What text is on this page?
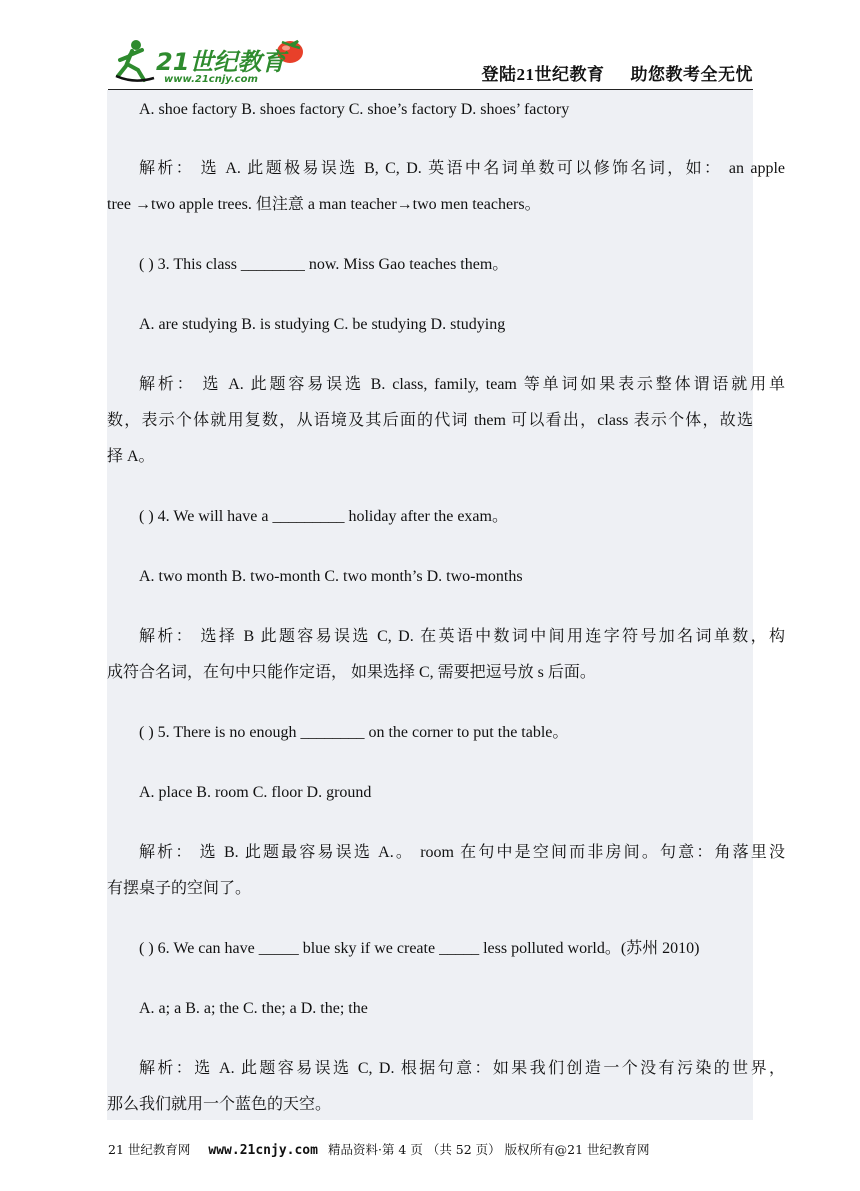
21世纪教育
www.21cnjy.com	登陆21世纪教育 助您教考全无忧
A. shoe factory B. shoes factory C. shoe’s factory D. shoes’ factory
解析： 选 A. 此题极易误选 B, C, D. 英语中名词单数可以修饰名词，如： an apple
tree →two apple trees. 但注意 a man teacher→two men teachers。
( ) 3. This class ________ now. Miss Gao teaches them。
A. are studying B. is studying C. be studying D. studying
解析： 选 A. 此题容易误选 B. class, family, team 等单词如果表示整体谓语就用单
数，表示个体就用复数，从语境及其后面的代词 them 可以看出，class 表示个体，故选
择 A。
( ) 4. We will have a _________ holiday after the exam。
A. two month B. two-month C. two month’s D. two-months
解析： 选择 B 此题容易误选 C, D. 在英语中数词中间用连字符号加名词单数，构
成符合名词，在句中只能作定语， 如果选择 C, 需要把逗号放 s 后面。
( ) 5. There is no enough ________ on the corner to put the table。
A. place B. room C. floor D. ground
解析： 选 B. 此题最容易误选 A.。 room 在句中是空间而非房间。句意：角落里没
有摆桌子的空间了。
( ) 6. We can have _____ blue sky if we create _____ less polluted world。(苏州 2010)
A. a; a B. a; the C. the; a D. the; the
解析：选 A. 此题容易误选 C, D. 根据句意：如果我们创造一个没有污染的世界，
那么我们就用一个蓝色的天空。
21 世纪教育网 www.21cnjy.com 精品资料·第 4 页 （共 52 页） 版权所有@21 世纪教育网
